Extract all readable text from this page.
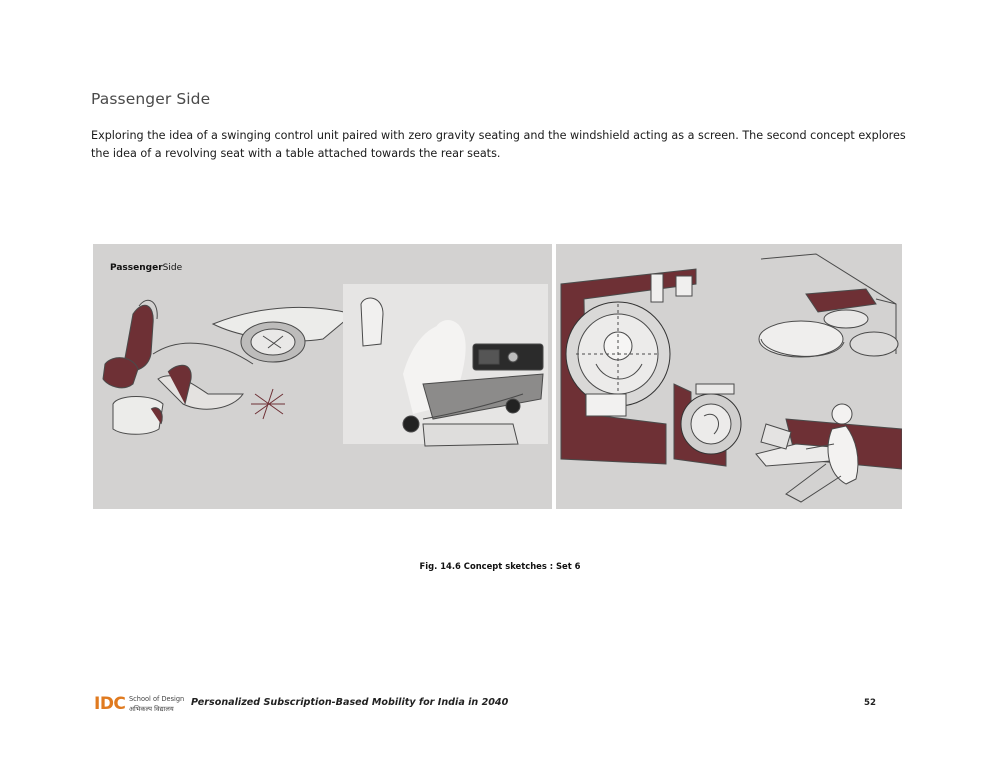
Passenger Side

Exploring the idea of a swinging control unit paired with zero gravity seating and the windshield acting as a screen. The second concept explores the idea of a revolving seat with a table attached towards the rear seats.

PassengerSide

Fig. 14.6 Concept sketches : Set 6

IDC School of Design
अभिकल्प विद्यालय

Personalized Subscription-Based Mobility for India in 2040	52
